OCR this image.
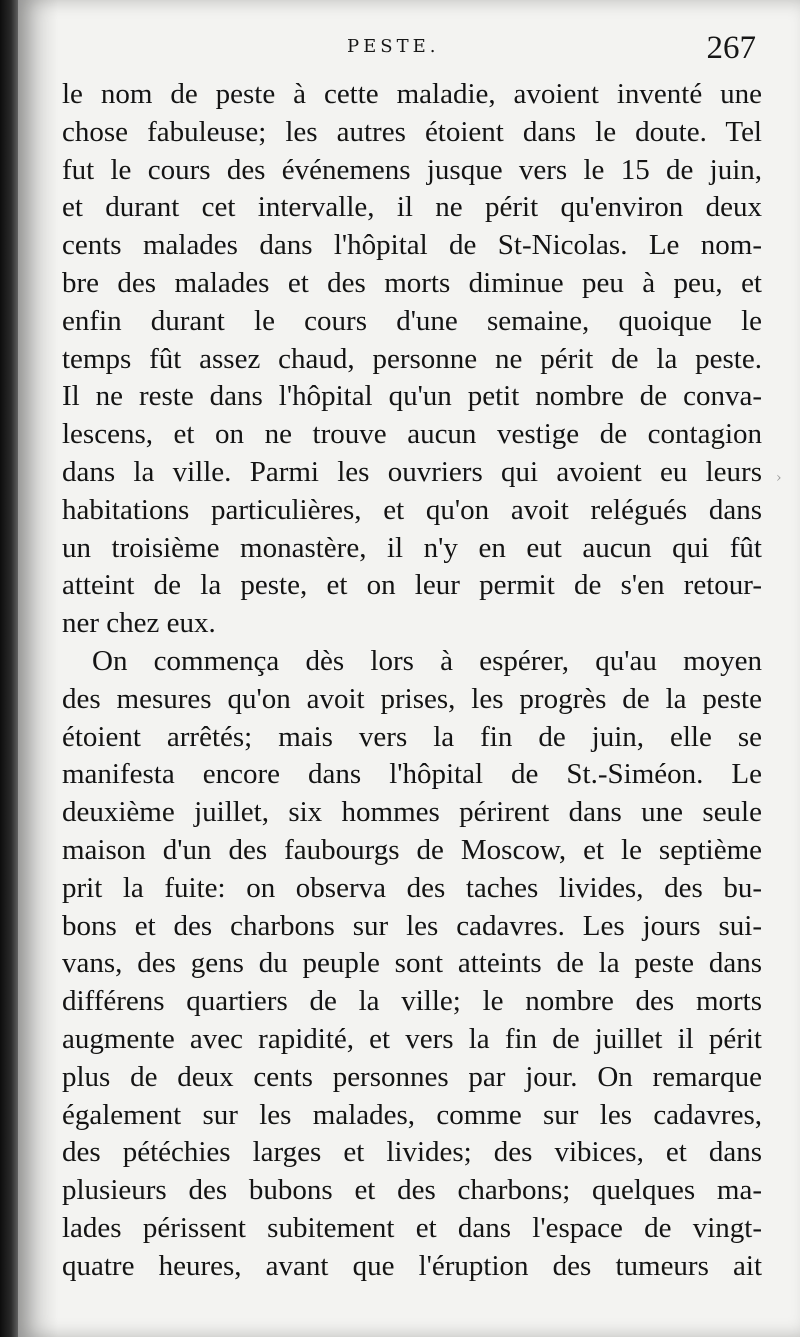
PESTE.	267
le nom de peste à cette maladie, avoient inventé une
chose fabuleuse; les autres étoient dans le doute. Tel
fut le cours des événemens jusque vers le 15 de juin,
et durant cet intervalle, il ne périt qu'environ deux
cents malades dans l'hôpital de St-Nicolas. Le nom-
bre des malades et des morts diminue peu à peu, et
enfin durant le cours d'une semaine, quoique le
temps fût assez chaud, personne ne périt de la peste.
Il ne reste dans l'hôpital qu'un petit nombre de conva-
lescens, et on ne trouve aucun vestige de contagion
dans la ville. Parmi les ouvriers qui avoient eu leurs
habitations particulières, et qu'on avoit relégués dans
un troisième monastère, il n'y en eut aucun qui fût
atteint de la peste, et on leur permit de s'en retour-
ner chez eux.
On commença dès lors à espérer, qu'au moyen
des mesures qu'on avoit prises, les progrès de la peste
étoient arrêtés; mais vers la fin de juin, elle se
manifesta encore dans l'hôpital de St.-Siméon. Le
deuxième juillet, six hommes périrent dans une seule
maison d'un des faubourgs de Moscow, et le septième
prit la fuite: on observa des taches livides, des bu-
bons et des charbons sur les cadavres. Les jours sui-
vans, des gens du peuple sont atteints de la peste dans
différens quartiers de la ville; le nombre des morts
augmente avec rapidité, et vers la fin de juillet il périt
plus de deux cents personnes par jour. On remarque
également sur les malades, comme sur les cadavres,
des pétéchies larges et livides; des vibices, et dans
plusieurs des bubons et des charbons; quelques ma-
lades périssent subitement et dans l'espace de vingt-
quatre heures, avant que l'éruption des tumeurs ait
›
